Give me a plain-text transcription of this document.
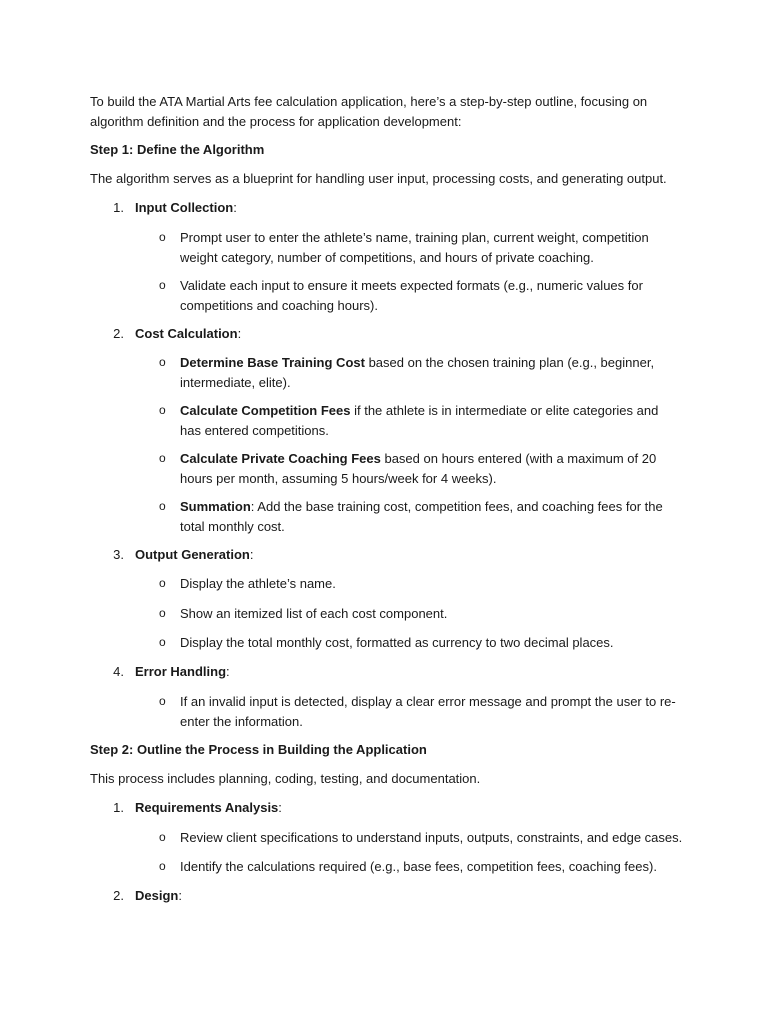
To build the ATA Martial Arts fee calculation application, here’s a step-by-step outline, focusing on algorithm definition and the process for application development:

Step 1: Define the Algorithm

The algorithm serves as a blueprint for handling user input, processing costs, and generating output.

1. Input Collection:
o Prompt user to enter the athlete’s name, training plan, current weight, competition weight category, number of competitions, and hours of private coaching.
o Validate each input to ensure it meets expected formats (e.g., numeric values for competitions and coaching hours).
2. Cost Calculation:
o Determine Base Training Cost based on the chosen training plan (e.g., beginner, intermediate, elite).
o Calculate Competition Fees if the athlete is in intermediate or elite categories and has entered competitions.
o Calculate Private Coaching Fees based on hours entered (with a maximum of 20 hours per month, assuming 5 hours/week for 4 weeks).
o Summation: Add the base training cost, competition fees, and coaching fees for the total monthly cost.
3. Output Generation:
o Display the athlete’s name.
o Show an itemized list of each cost component.
o Display the total monthly cost, formatted as currency to two decimal places.
4. Error Handling:
o If an invalid input is detected, display a clear error message and prompt the user to re-enter the information.

Step 2: Outline the Process in Building the Application

This process includes planning, coding, testing, and documentation.

1. Requirements Analysis:
o Review client specifications to understand inputs, outputs, constraints, and edge cases.
o Identify the calculations required (e.g., base fees, competition fees, coaching fees).
2. Design:
